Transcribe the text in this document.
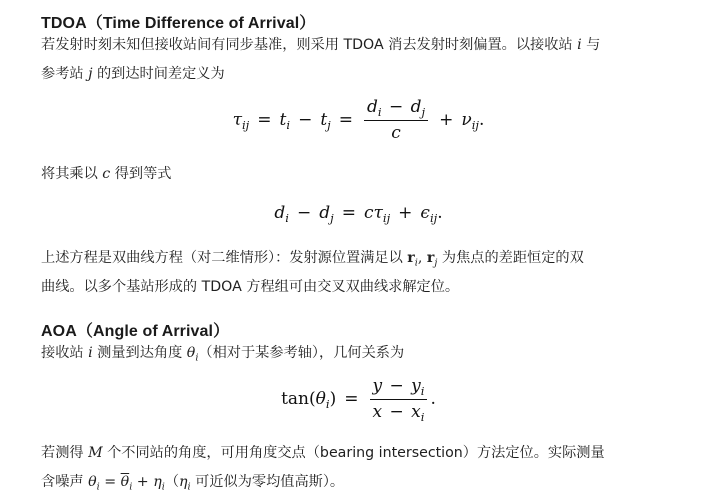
TDOA（Time Difference of Arrival）

若发射时刻未知但接收站间有同步基准，则采用 TDOA 消去发射时刻偏置。以接收站 i 与

参考站 j 的到达时间差定义为

$\tau_{ij} = t_i - t_j = \frac{d_i - d_j}{c} + \nu_{ij}$.

将其乘以 c 得到等式

$d_i - d_j = c\tau_{ij} + \epsilon_{ij}$.

上述方程是双曲线方程（对二维情形）：发射源位置满足以 $r_i$, $r_j$ 为焦点的差距恒定的双

曲线。以多个基站形成的 TDOA 方程组可由交叉双曲线求解定位。

AOA（Angle of Arrival）

接收站 i 测量到达角度 $\theta_i$（相对于某参考轴），几何关系为

tan( $\theta_i$ ) = $\frac{y - y_i}{x - x_i}$ .

若测得 M 个不同站的角度，可用角度交点（bearing intersection）方法定位。实际测量

含噪声 $\theta_i = \overline{\theta}_i + \eta_i(\eta_i$ 可近似为零均值高斯）。
